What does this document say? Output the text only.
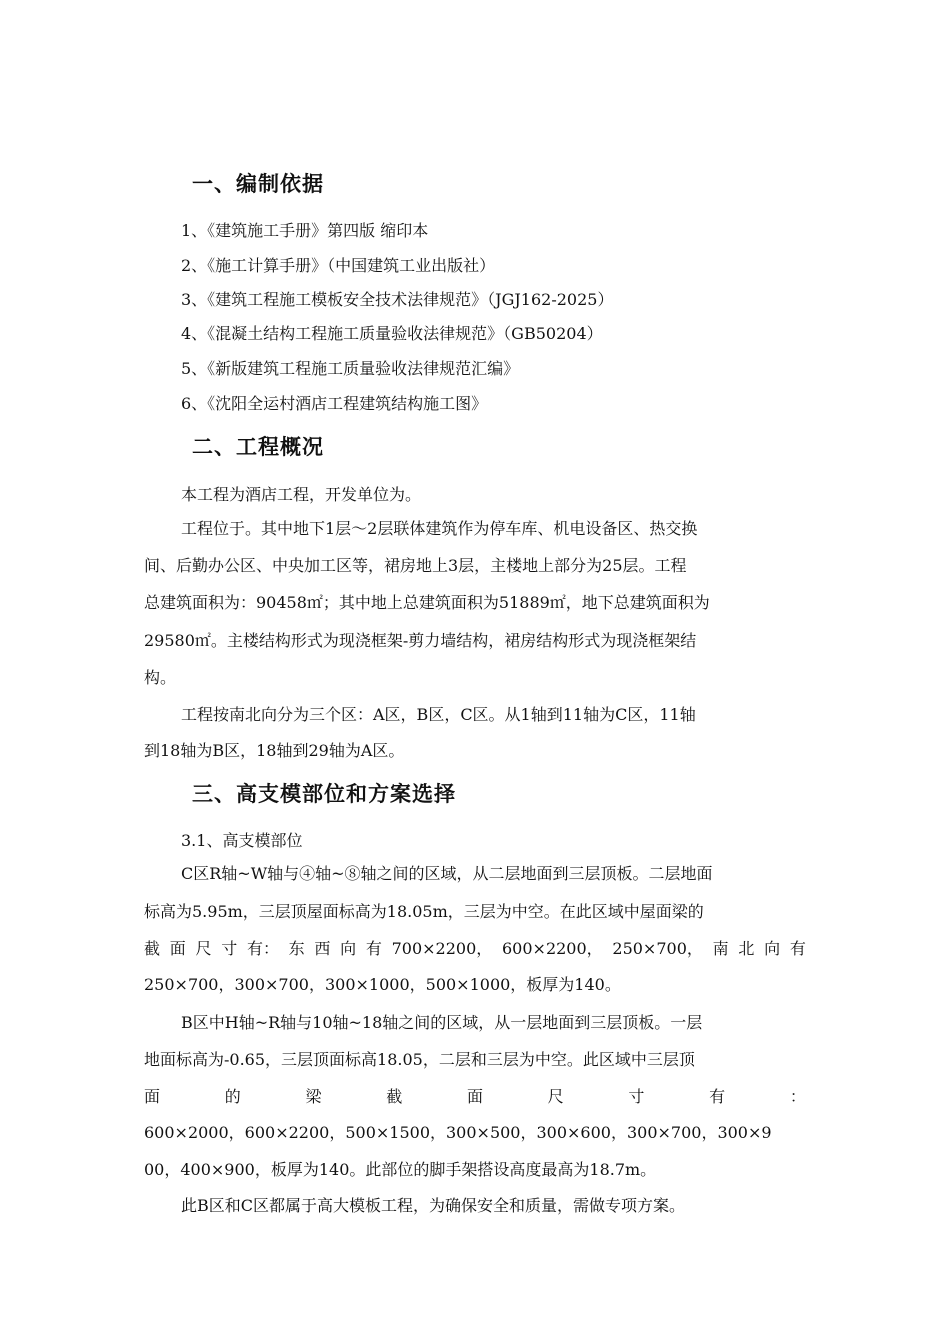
一、编制依据

1、《建筑施工手册》第四版 缩印本

2、《施工计算手册》（中国建筑工业出版社）

3、《建筑工程施工模板安全技术法律规范》（JGJ162-2025）

4、《混凝土结构工程施工质量验收法律规范》（GB50204）

5、《新版建筑工程施工质量验收法律规范汇编》

6、《沈阳全运村酒店工程建筑结构施工图》

二、工程概况

本工程为酒店工程，开发单位为。

工程位于。其中地下1层～2层联体建筑作为停车库、机电设备区、热交换

间、后勤办公区、中央加工区等，裙房地上3层，主楼地上部分为25层。工程

总建筑面积为：90458㎡；其中地上总建筑面积为51889㎡，地下总建筑面积为

29580㎡。主楼结构形式为现浇框架-剪力墙结构，裙房结构形式为现浇框架结

构。

工程按南北向分为三个区：A区，B区，C区。从1轴到11轴为C区，11轴

到18轴为B区，18轴到29轴为A区。

三、高支模部位和方案选择

3.1、高支模部位

C区R轴~W轴与④轴~⑧轴之间的区域，从二层地面到三层顶板。二层地面

标高为5.95m，三层顶屋面标高为18.05m，三层为中空。在此区域中屋面梁的

截 面 尺 寸 有： 东 西 向 有 700×2200， 600×2200， 250×700， 南 北 向 有

250×700，300×700，300×1000，500×1000，板厚为140。

B区中H轴~R轴与10轴~18轴之间的区域，从一层地面到三层顶板。一层

地面标高为-0.65，三层顶面标高18.05，二层和三层为中空。此区域中三层顶

面	的	梁	截	面	尺	寸	有	：

600×2000，600×2200，500×1500，300×500，300×600，300×700，300×9

00，400×900，板厚为140。此部位的脚手架搭设高度最高为18.7m。

此B区和C区都属于高大模板工程，为确保安全和质量，需做专项方案。
